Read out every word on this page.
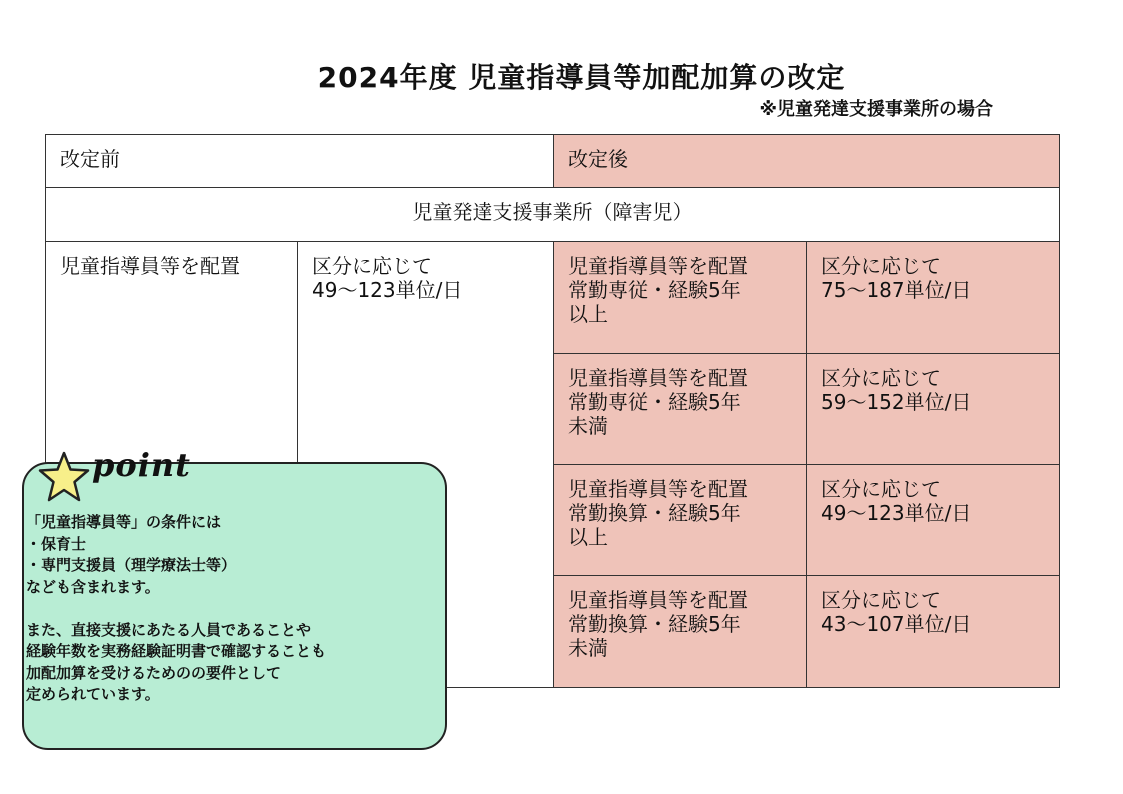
2024年度 児童指導員等加配加算の改定
※児童発達支援事業所の場合
改定前	改定後
児童発達支援事業所（障害児）
児童指導員等を配置	区分に応じて
49〜123単位/日
児童指導員等を配置
常勤専従・経験5年
以上
区分に応じて
75〜187単位/日
児童指導員等を配置
常勤専従・経験5年
未満
区分に応じて
59〜152単位/日
児童指導員等を配置
常勤換算・経験5年
以上
区分に応じて
49〜123単位/日
児童指導員等を配置
常勤換算・経験5年
未満
区分に応じて
43〜107単位/日
point
「児童指導員等」の条件には
・保育士
・専門支援員（理学療法士等）
なども含まれます。

また、直接支援にあたる人員であることや
経験年数を実務経験証明書で確認することも
加配加算を受けるためのの要件として
定められています。
